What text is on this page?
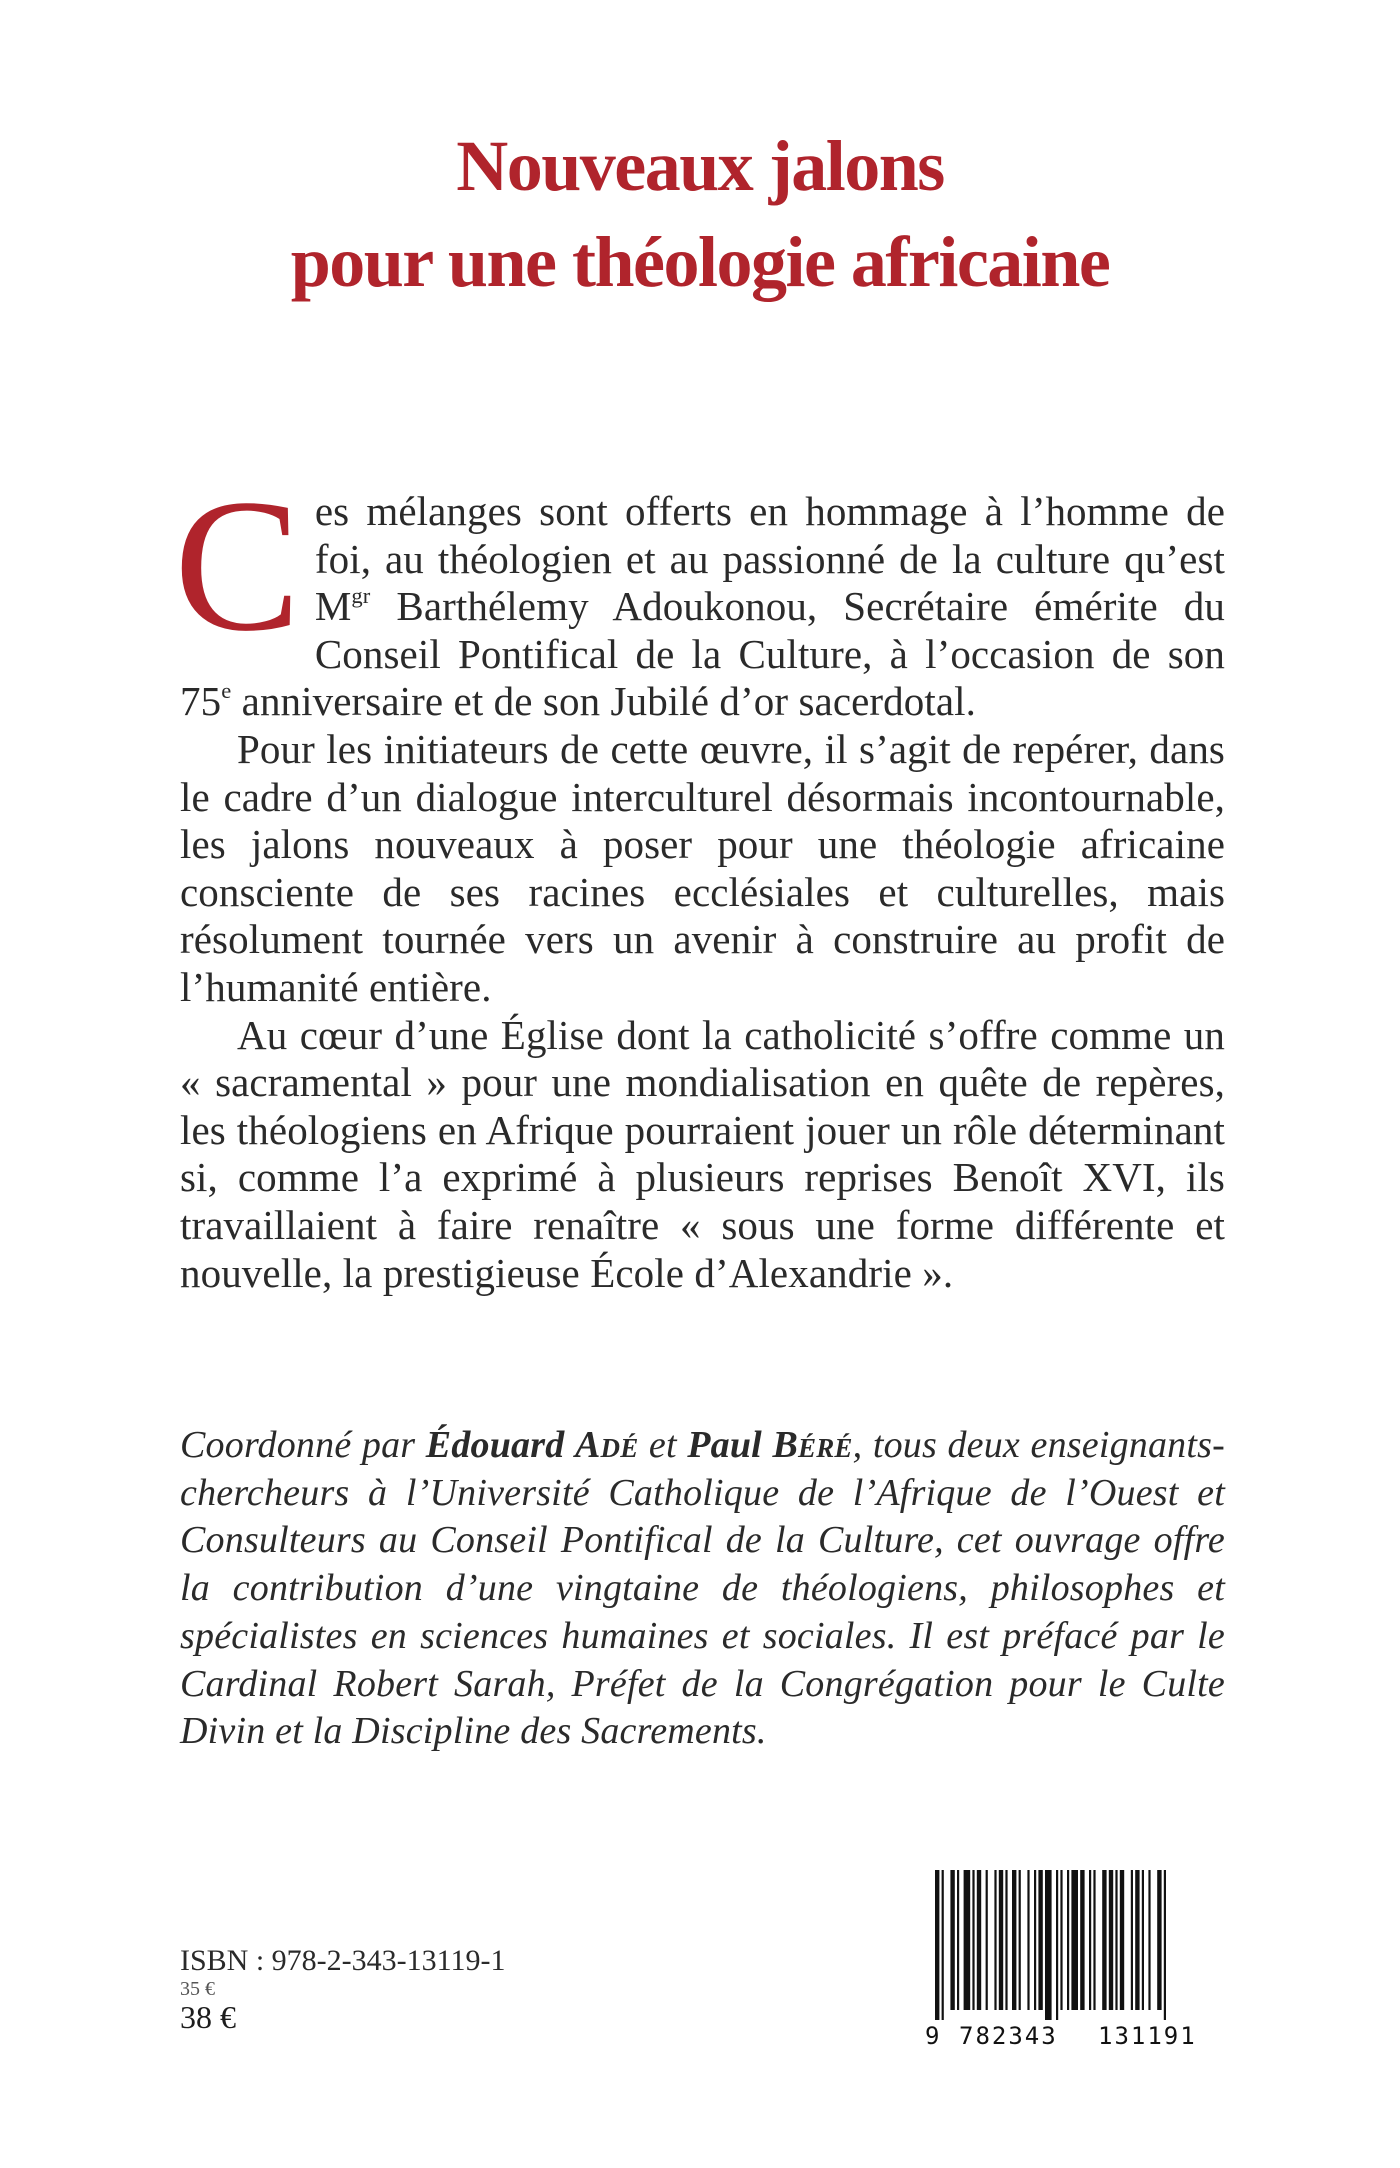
Nouveaux jalons
pour une théologie africaine

Ces mélanges sont offerts en hommage à l’homme de foi, au théologien et au passionné de la culture qu’est $M^{gr}$ Barthélemy Adoukonou, Secrétaire émérite du Conseil Pontifical de la Culture, à l’occasion de son 75e anniversaire et de son Jubilé d’or sacerdotal.

Pour les initiateurs de cette œuvre, il s’agit de repérer, dans le cadre d’un dialogue interculturel désormais incontournable, les jalons nouveaux à poser pour une théologie africaine consciente de ses racines ecclésiales et culturelles, mais résolument tournée vers un avenir à construire au profit de l’humanité entière.

Au cœur d’une Église dont la catholicité s’offre comme un « sacramental » pour une mondialisation en quête de repères, les théologiens en Afrique pourraient jouer un rôle déterminant si, comme l’a exprimé à plusieurs reprises Benoît XVI, ils travaillaient à faire renaître « sous une forme différente et nouvelle, la prestigieuse École d’Alexandrie ».

Coordonné par Édouard Adé et Paul Béré, tous deux enseignants-chercheurs à l’Université Catholique de l’Afrique de l’Ouest et Consulteurs au Conseil Pontifical de la Culture, cet ouvrage offre la contribution d’une vingtaine de théologiens, philosophes et spécialistes en sciences humaines et sociales. Il est préfacé par le Cardinal Robert Sarah, Préfet de la Congrégation pour le Culte Divin et la Discipline des Sacrements.

ISBN : 978-2-343-13119-1
35 €
38 €
9 782343 131191
